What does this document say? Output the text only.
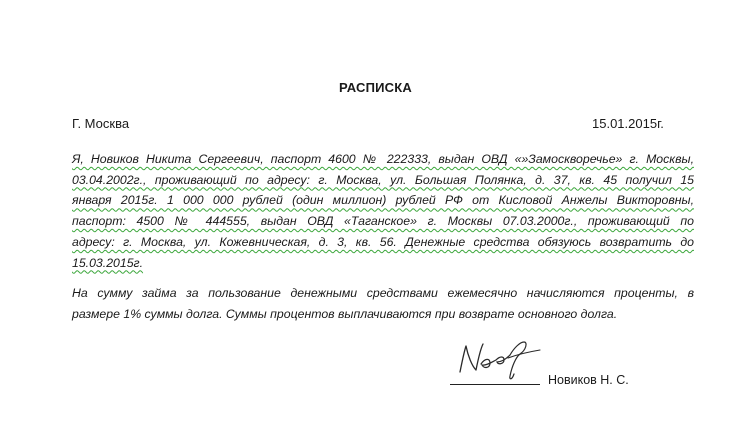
РАСПИСКА
Г. Москва	15.01.2015г.

Я, Новиков Никита Сергеевич, паспорт 4600 № 222333, выдан ОВД «»Замоскворечье» г. Москвы,
03.04.2002г., проживающий по адресу: г. Москва, ул. Большая Полянка, д. 37, кв. 45 получил 15
января 2015г. 1 000 000 рублей (один миллион) рублей РФ от Кисловой Анжелы Викторовны,
паспорт: 4500 № 444555, выдан ОВД «Таганское» г. Москвы 07.03.2000г., проживающий по
адресу: г. Москва, ул. Кожевническая, д. 3, кв. 56. Денежные средства обязуюсь возвратить до
15.03.2015г.

На сумму займа за пользование денежными средствами ежемесячно начисляются проценты, в
размере 1% суммы долга. Суммы процентов выплачиваются при возврате основного долга.

Новиков Н. С.
